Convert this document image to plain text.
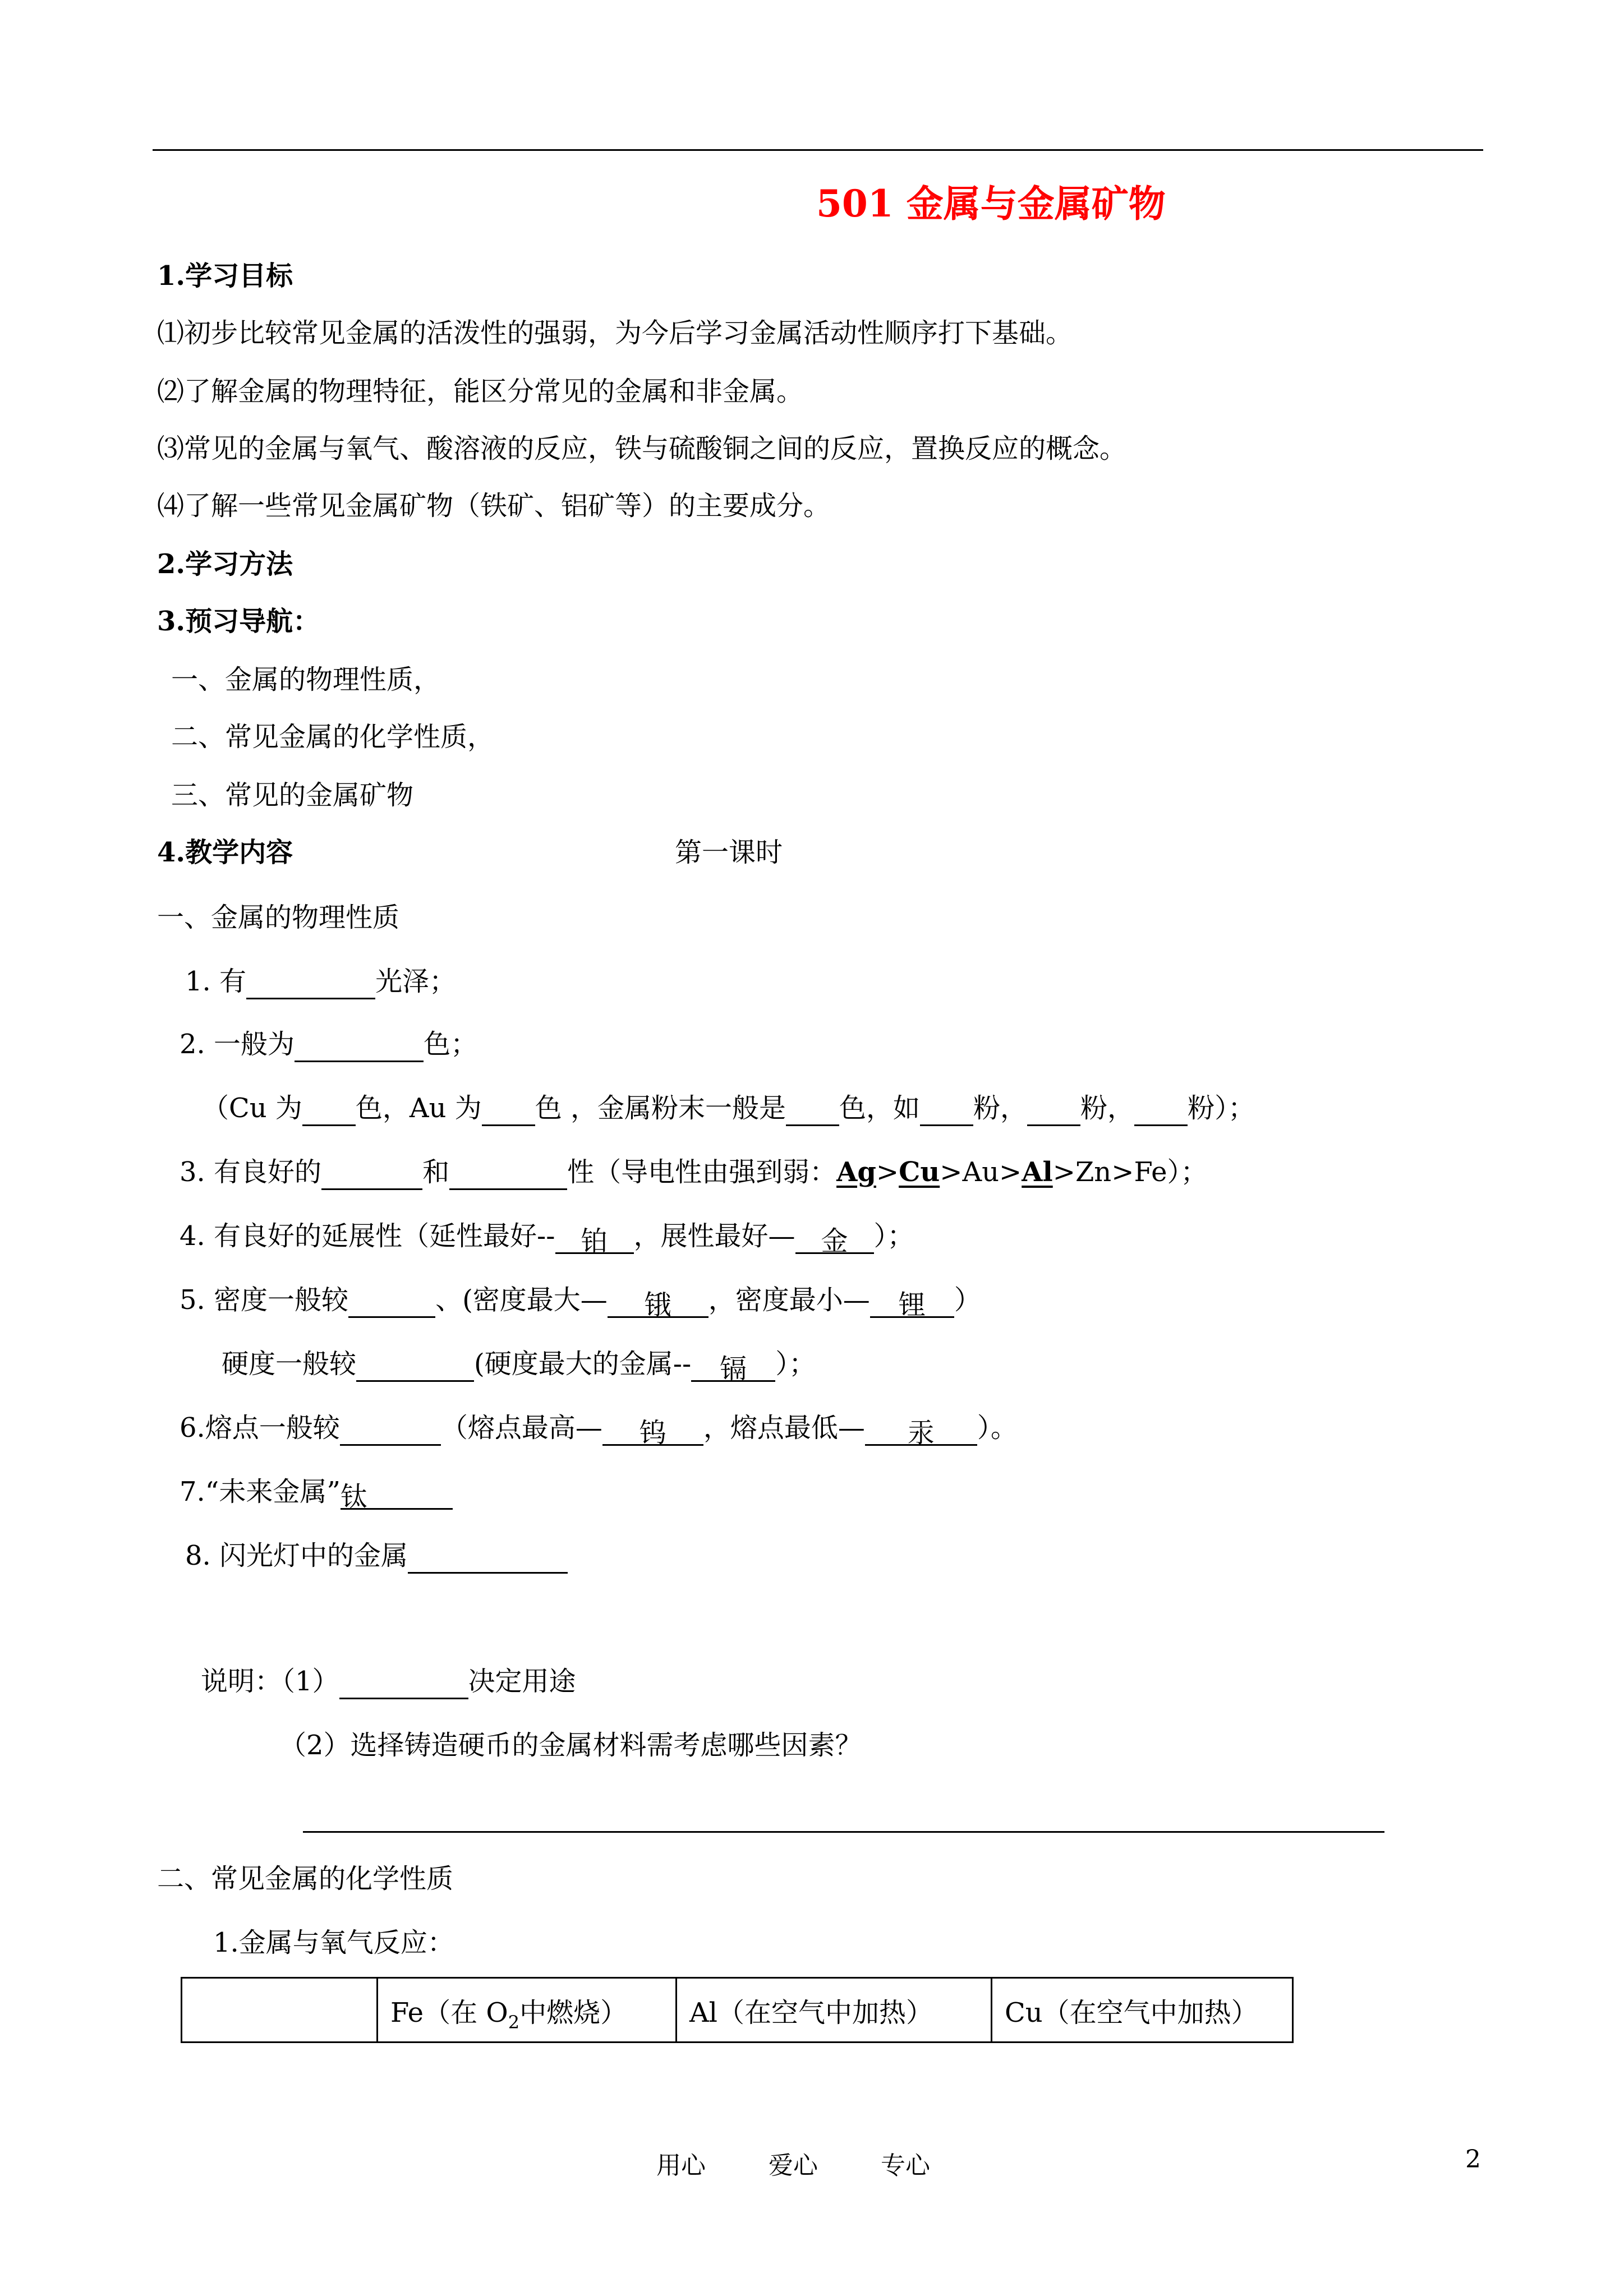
501 金属与金属矿物
1.学习目标
⑴初步比较常见金属的活泼性的强弱，为今后学习金属活动性顺序打下基础。
⑵了解金属的物理特征，能区分常见的金属和非金属。
⑶常见的金属与氧气、酸溶液的反应，铁与硫酸铜之间的反应，置换反应的概念。
⑷了解一些常见金属矿物（铁矿、铝矿等）的主要成分。
2.学习方法
3.预习导航：
一、金属的物理性质，
二、常见金属的化学性质，
三、常见的金属矿物
4.教学内容	第一课时
一、金属的物理性质
1. 有	光泽；
2. 一般为	色；
（Cu 为 色，Au 为 色 ，金属粉末一般是 色，如 粉， 粉， 粉）；
3. 有良好的	和	性（导电性由强到弱：Ag>Cu>Au>Al>Zn>Fe）；
4. 有良好的延展性（延性最好-- 铂 ，展性最好— 金 ）；
5. 密度一般较	、(密度最大— 锇 ，密度最小— 锂 ）
硬度一般较	(硬度最大的金属-- 镉 ）；
6.熔点一般较	（熔点最高— 钨 ，熔点最低— 汞 ）。
7.“未来金属”钛
8. 闪光灯中的金属
说明：（1）	决定用途
（2）选择铸造硬币的金属材料需考虑哪些因素？
二、常见金属的化学性质
1.金属与氧气反应：
	Fe（在 $O_2$中燃烧）	Al（在空气中加热）	Cu（在空气中加热）
用心	爱心	专心	2
